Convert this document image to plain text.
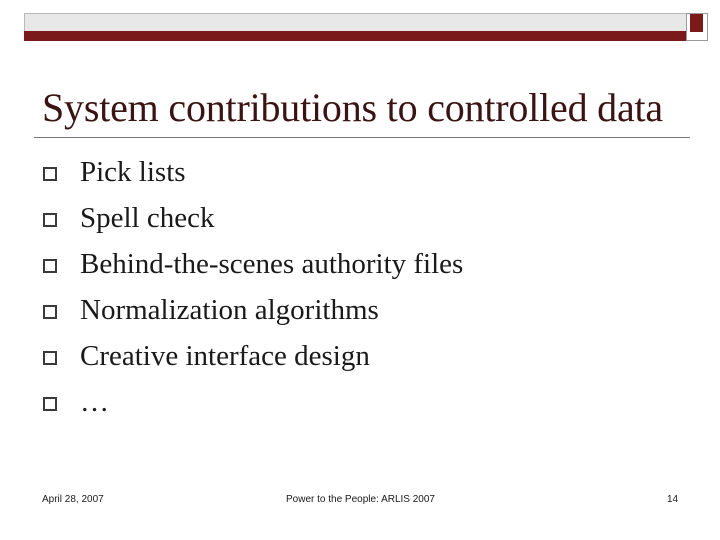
System contributions to controlled data
Pick lists
Spell check
Behind-the-scenes authority files
Normalization algorithms
Creative interface design
…
April 28, 2007	Power to the People: ARLIS 2007	14
